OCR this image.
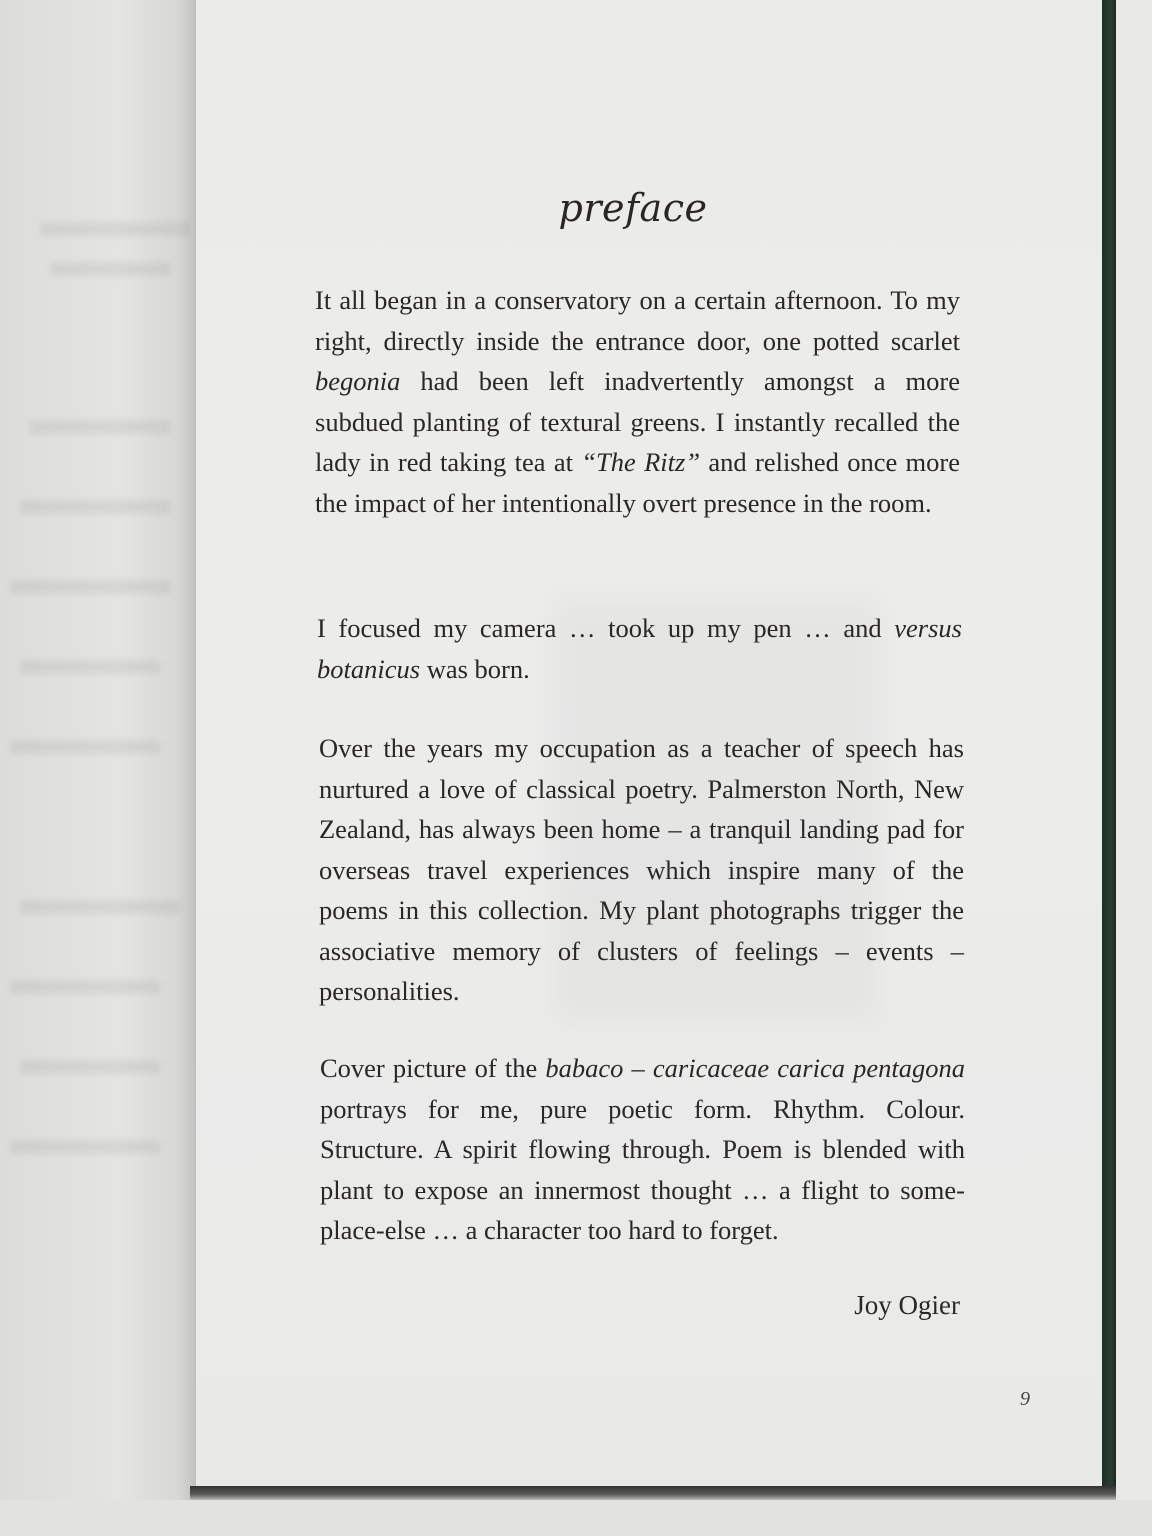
preface

It all began in a conservatory on a certain afternoon. To my right, directly inside the entrance door, one potted scarlet begonia had been left inadvertently amongst a more subdued planting of textural greens. I instantly recalled the lady in red taking tea at “The Ritz” and relished once more the impact of her intentionally overt presence in the room.

I focused my camera … took up my pen … and versus botanicus was born.

Over the years my occupation as a teacher of speech has nurtured a love of classical poetry. Palmerston North, New Zealand, has always been home – a tranquil landing pad for overseas travel experiences which inspire many of the poems in this collection. My plant photographs trigger the associative memory of clusters of feelings – events – personalities.

Cover picture of the babaco – caricaceae carica pentagona portrays for me, pure poetic form. Rhythm. Colour. Structure. A spirit flowing through. Poem is blended with plant to expose an innermost thought … a flight to some-place-else … a character too hard to forget.

Joy Ogier
9
